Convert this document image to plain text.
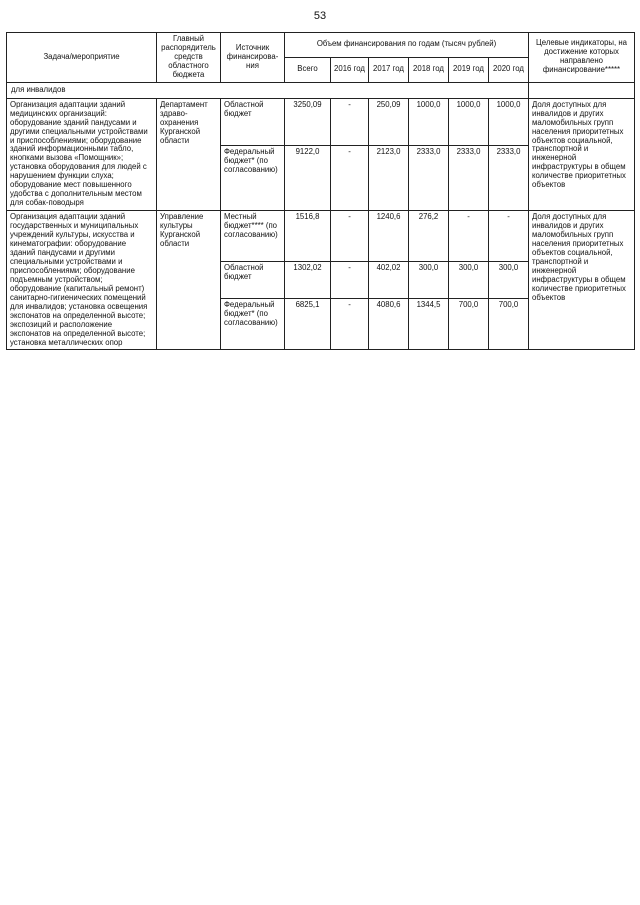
53
Задача/мероприятие	Главный распорядитель средств областного бюджета	Источник финансирова-ния	Объем финансирования по годам (тысяч рублей)						Целевые индикаторы, на достижение которых направлено финансирование*****
			Всего	2016 год	2017 год	2018 год	2019 год	2020 год	
для инвалидов									
Организация адаптации зданий медицинских организаций: оборудование зданий пандусами и другими специальными устройствами и приспособлениями; оборудование зданий информационными табло, кнопками вызова «Помощник»; установка оборудования для людей с нарушением функции слуха; оборудование мест повышенного удобства с дополнительным местом для собак-поводыря	Департамент здраво-охранения Курганской области	Областной бюджет	3250,09	-	250,09	1000,0	1000,0	1000,0	Доля доступных для инвалидов и других маломобильных групп населения приоритетных объектов социальной, транспортной и инженерной инфраструктуры в общем количестве приоритетных объектов
		Федеральный бюджет* (по согласованию)	9122,0	-	2123,0	2333,0	2333,0	2333,0	
Организация адаптации зданий государственных и муниципальных учреждений культуры, искусства и кинематографии: оборудование зданий пандусами и другими специальными устройствами и приспособлениями; оборудование подъемным устройством; оборудование (капитальный ремонт) санитарно-гигиенических помещений для инвалидов; установка освещения экспонатов на определенной высоте; экспозиций и расположение экспонатов на определенной высоте; установка металлических опор	Управление культуры Курганской области	Местный бюджет**** (по согласованию)	1516,8	-	1240,6	276,2	-	-	Доля доступных для инвалидов и других маломобильных групп населения приоритетных объектов социальной, транспортной и инженерной инфраструктуры в общем количестве приоритетных объектов
		Областной бюджет	1302,02	-	402,02	300,0	300,0	300,0	
		Федеральный бюджет* (по согласованию)	6825,1	-	4080,6	1344,5	700,0	700,0	
